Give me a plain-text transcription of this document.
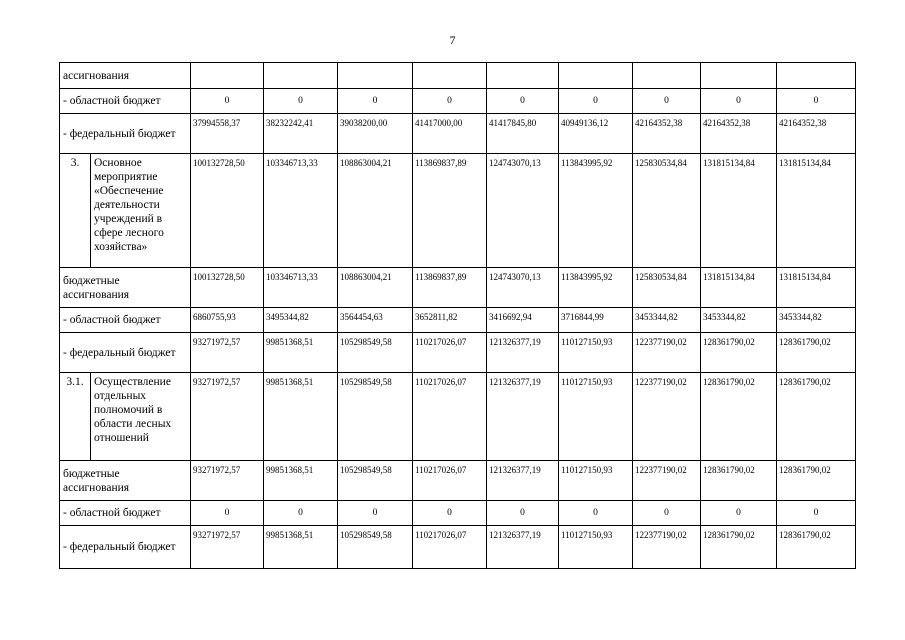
7
ассигнования										
- областной бюджет		0	0	0	0	0	0	0	0	0
- федеральный бюджет		37994558,37	38232242,41	39038200,00	41417000,00	41417845,80	40949136,12	42164352,38	42164352,38	42164352,38
3.	Основное мероприятие «Обеспечение деятельности учреждений в сфере лесного хозяйства»	100132728,50	103346713,33	108863004,21	113869837,89	124743070,13	113843995,92	125830534,84	131815134,84	131815134,84
бюджетные ассигнования		100132728,50	103346713,33	108863004,21	113869837,89	124743070,13	113843995,92	125830534,84	131815134,84	131815134,84
- областной бюджет		6860755,93	3495344,82	3564454,63	3652811,82	3416692,94	3716844,99	3453344,82	3453344,82	3453344,82
- федеральный бюджет		93271972,57	99851368,51	105298549,58	110217026,07	121326377,19	110127150,93	122377190,02	128361790,02	128361790,02
3.1.	Осуществление отдельных полномочий в области лесных отношений	93271972,57	99851368,51	105298549,58	110217026,07	121326377,19	110127150,93	122377190,02	128361790,02	128361790,02
бюджетные ассигнования		93271972,57	99851368,51	105298549,58	110217026,07	121326377,19	110127150,93	122377190,02	128361790,02	128361790,02
- областной бюджет		0	0	0	0	0	0	0	0	0
- федеральный бюджет		93271972,57	99851368,51	105298549,58	110217026,07	121326377,19	110127150,93	122377190,02	128361790,02	128361790,02
